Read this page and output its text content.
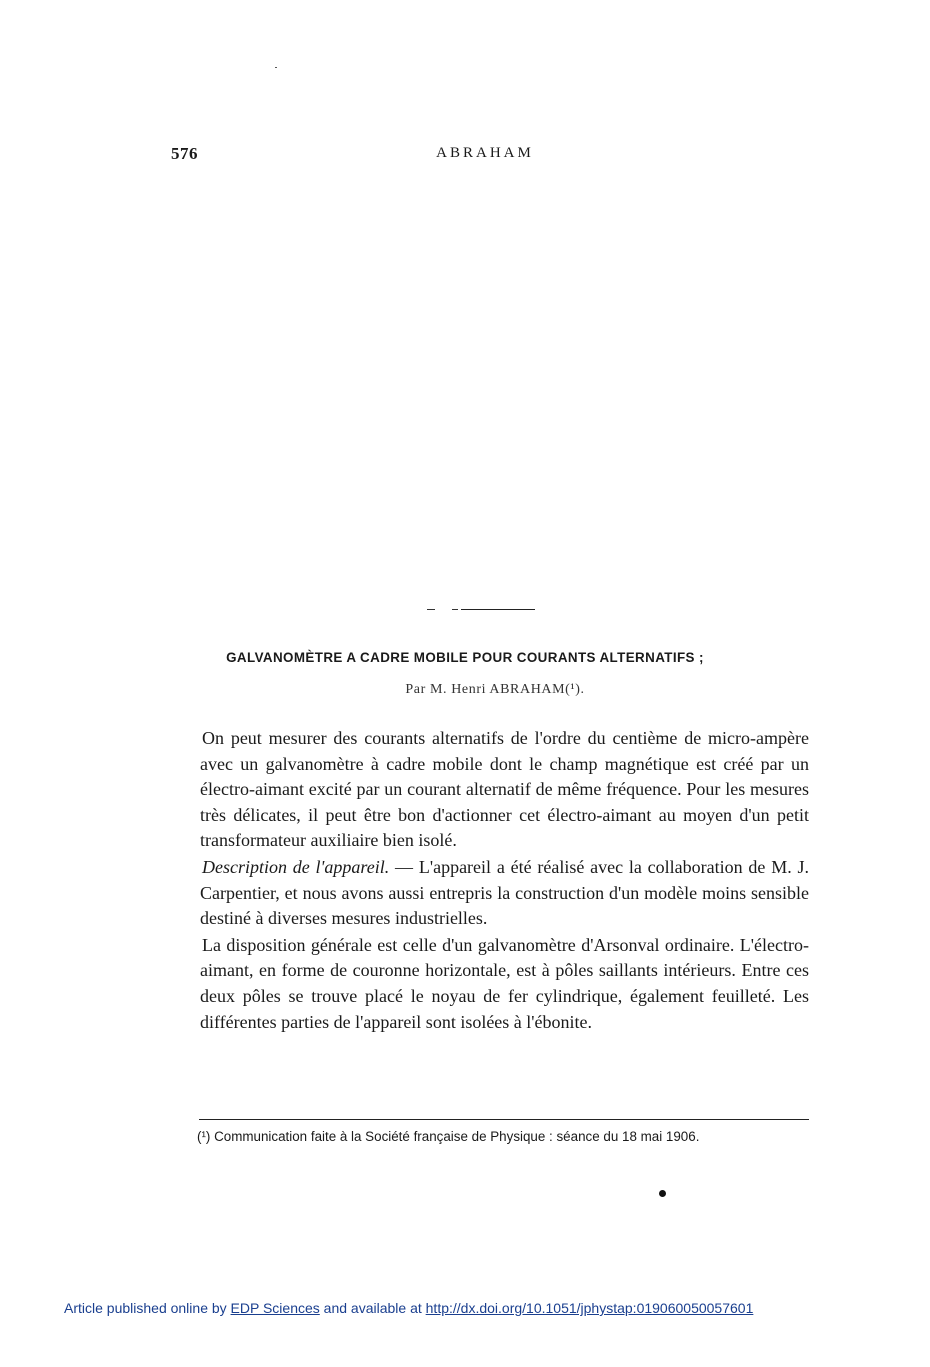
576	ABRAHAM
GALVANOMÈTRE A CADRE MOBILE POUR COURANTS ALTERNATIFS ;
Par M. Henri ABRAHAM(¹).

On peut mesurer des courants alternatifs de l'ordre du centième de micro-ampère avec un galvanomètre à cadre mobile dont le champ magnétique est créé par un électro-aimant excité par un courant alternatif de même fréquence. Pour les mesures très délicates, il peut être bon d'actionner cet électro-aimant au moyen d'un petit transformateur auxiliaire bien isolé.

Description de l'appareil. — L'appareil a été réalisé avec la collaboration de M. J. Carpentier, et nous avons aussi entrepris la construction d'un modèle moins sensible destiné à diverses mesures industrielles.

La disposition générale est celle d'un galvanomètre d'Arsonval ordinaire. L'électro-aimant, en forme de couronne horizontale, est à pôles saillants intérieurs. Entre ces deux pôles se trouve placé le noyau de fer cylindrique, également feuilleté. Les différentes parties de l'appareil sont isolées à l'ébonite.

(¹) Communication faite à la Société française de Physique : séance du 18 mai 1906.
Article published online by EDP Sciences and available at http://dx.doi.org/10.1051/jphystap:019060050057601
